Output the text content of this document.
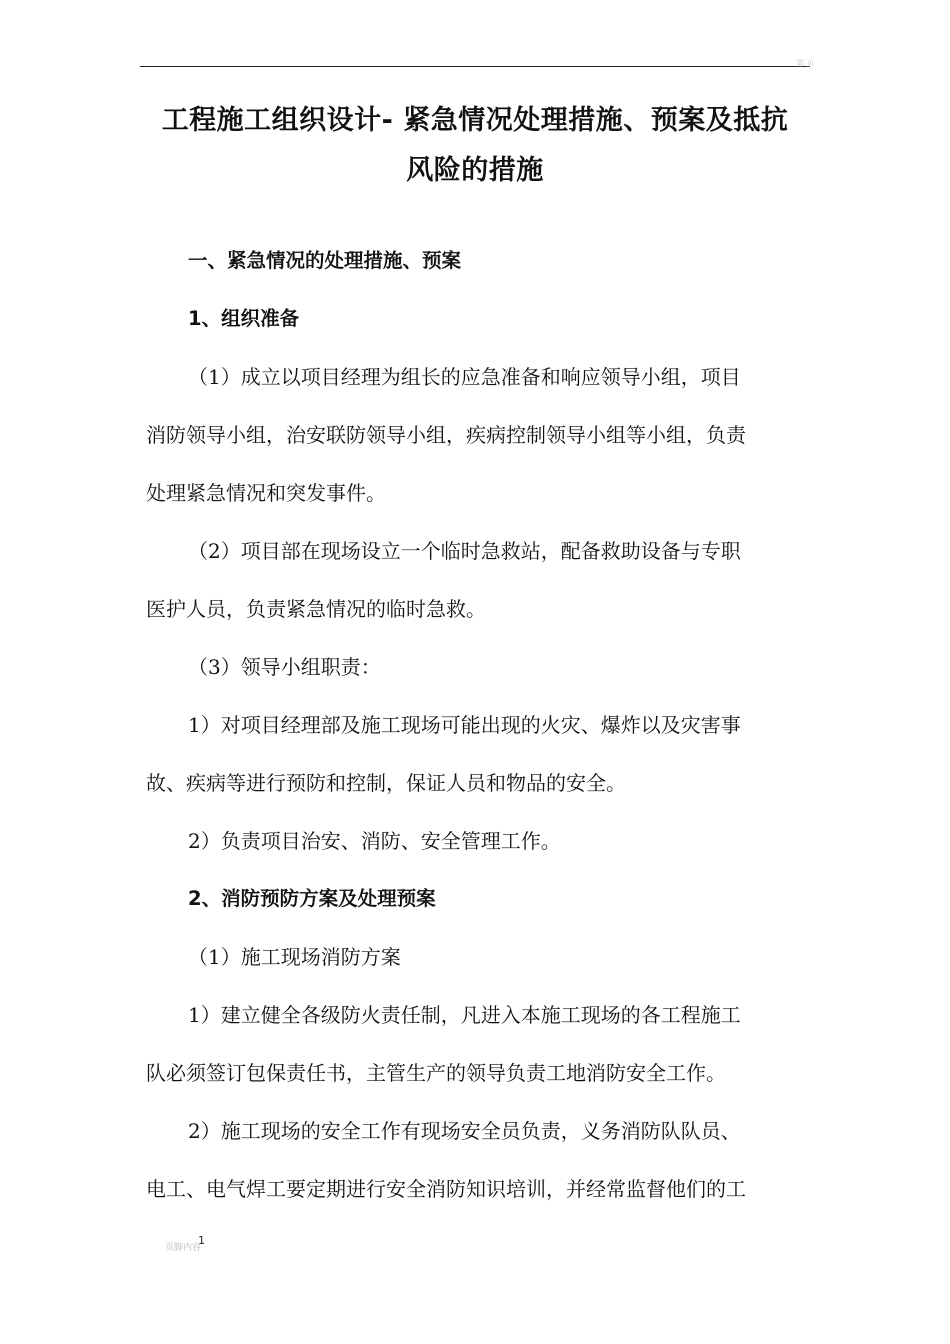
第 页
工程施工组织设计- 紧急情况处理措施、预案及抵抗
风险的措施

一、紧急情况的处理措施、预案

1、组织准备

（1）成立以项目经理为组长的应急准备和响应领导小组，项目

消防领导小组，治安联防领导小组，疾病控制领导小组等小组，负责

处理紧急情况和突发事件。

（2）项目部在现场设立一个临时急救站，配备救助设备与专职

医护人员，负责紧急情况的临时急救。

（3）领导小组职责：

1）对项目经理部及施工现场可能出现的火灾、爆炸以及灾害事

故、疾病等进行预防和控制，保证人员和物品的安全。

2）负责项目治安、消防、安全管理工作。

2、消防预防方案及处理预案

（1）施工现场消防方案

1）建立健全各级防火责任制，凡进入本施工现场的各工程施工

队必须签订包保责任书，主管生产的领导负责工地消防安全工作。

2）施工现场的安全工作有现场安全员负责，义务消防队队员、

电工、电气焊工要定期进行安全消防知识培训，并经常监督他们的工

页脚内容
1
